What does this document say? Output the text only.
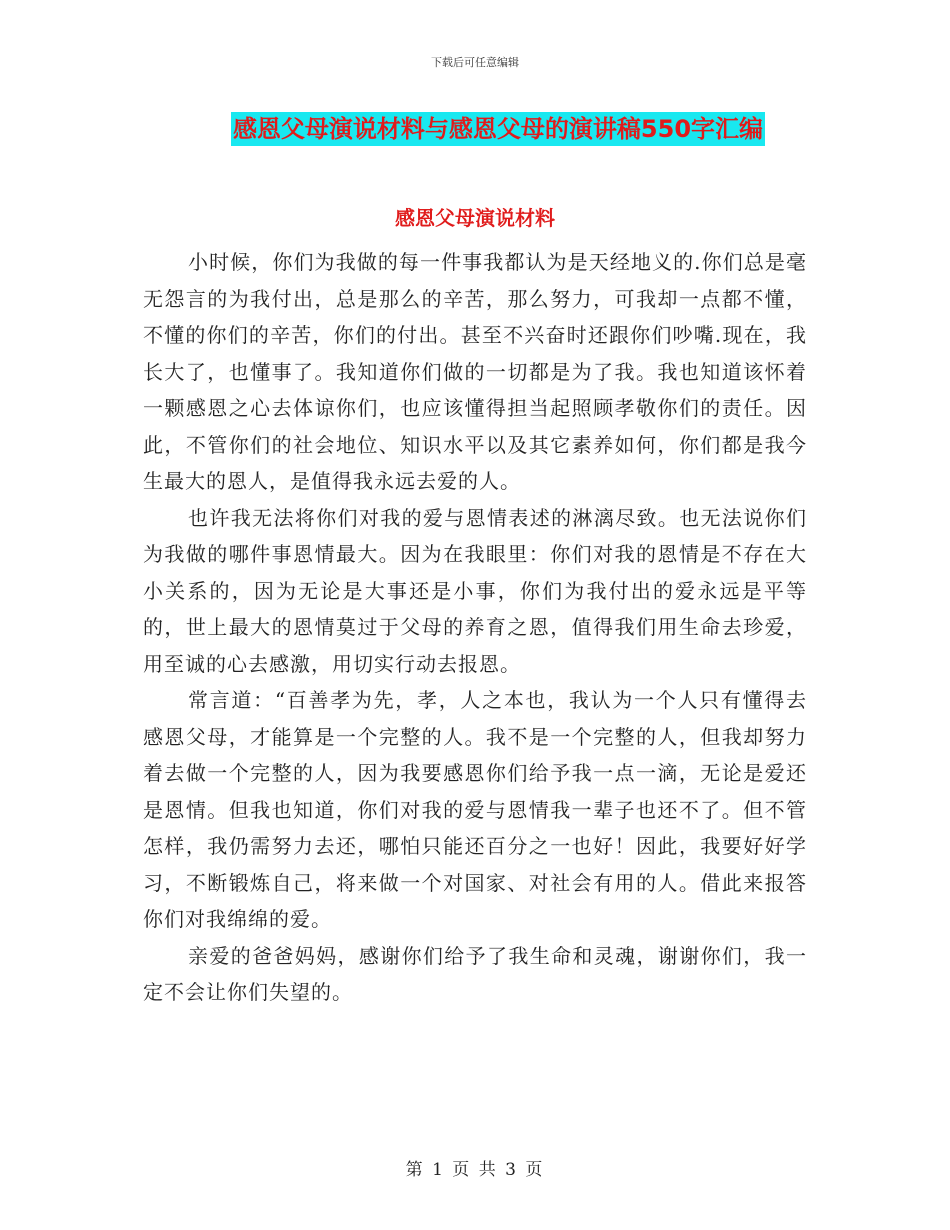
下载后可任意编辑
感恩父母演说材料与感恩父母的演讲稿550字汇编
感恩父母演说材料

小时候，你们为我做的每一件事我都认为是天经地义的.你们总是毫无怨言的为我付出，总是那么的辛苦，那么努力，可我却一点都不懂，不懂的你们的辛苦，你们的付出。甚至不兴奋时还跟你们吵嘴.现在，我长大了，也懂事了。我知道你们做的一切都是为了我。我也知道该怀着一颗感恩之心去体谅你们，也应该懂得担当起照顾孝敬你们的责任。因此，不管你们的社会地位、知识水平以及其它素养如何，你们都是我今生最大的恩人，是值得我永远去爱的人。

也许我无法将你们对我的爱与恩情表述的淋漓尽致。也无法说你们为我做的哪件事恩情最大。因为在我眼里：你们对我的恩情是不存在大小关系的，因为无论是大事还是小事，你们为我付出的爱永远是平等的，世上最大的恩情莫过于父母的养育之恩，值得我们用生命去珍爱，用至诚的心去感激，用切实行动去报恩。

常言道：“百善孝为先，孝，人之本也，我认为一个人只有懂得去感恩父母，才能算是一个完整的人。我不是一个完整的人，但我却努力着去做一个完整的人，因为我要感恩你们给予我一点一滴，无论是爱还是恩情。但我也知道，你们对我的爱与恩情我一辈子也还不了。但不管怎样，我仍需努力去还，哪怕只能还百分之一也好！因此，我要好好学习，不断锻炼自己，将来做一个对国家、对社会有用的人。借此来报答你们对我绵绵的爱。

亲爱的爸爸妈妈，感谢你们给予了我生命和灵魂，谢谢你们，我一定不会让你们失望的。

第 1 页 共 3 页
